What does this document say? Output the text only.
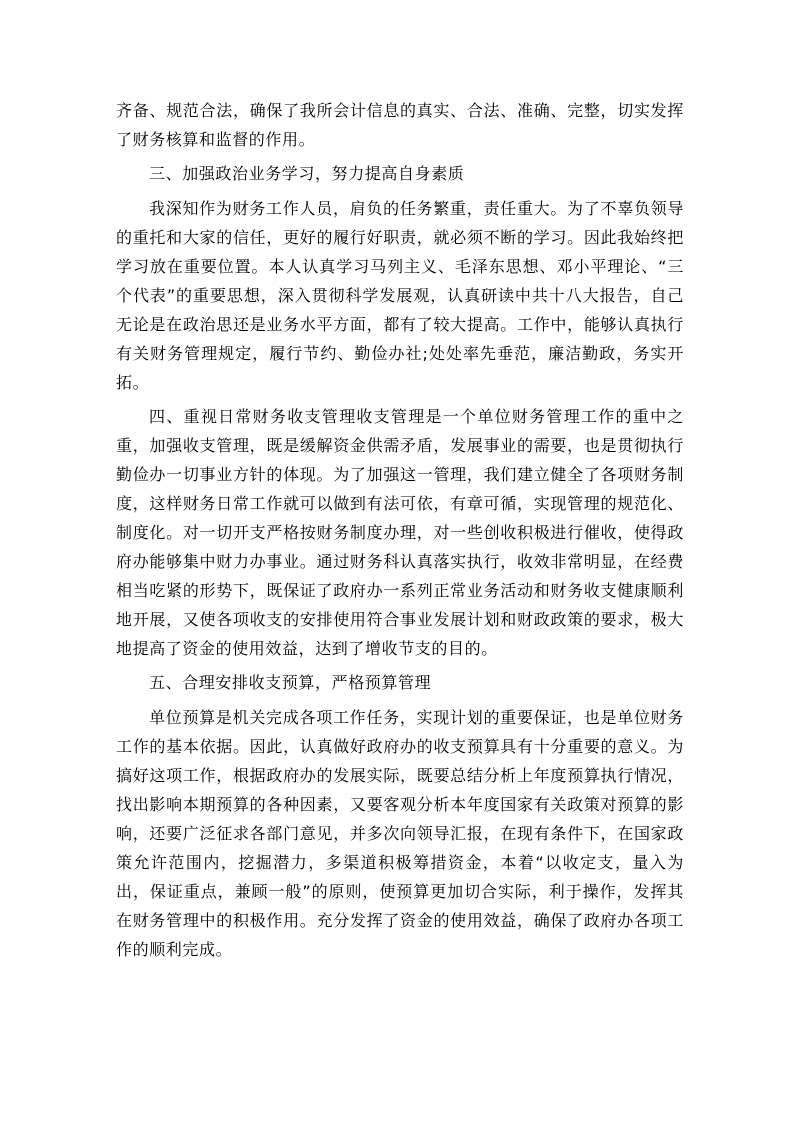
齐备、规范合法，确保了我所会计信息的真实、合法、准确、完整，切实发挥了财务核算和监督的作用。

三、加强政治业务学习，努力提高自身素质

我深知作为财务工作人员，肩负的任务繁重，责任重大。为了不辜负领导的重托和大家的信任，更好的履行好职责，就必须不断的学习。因此我始终把学习放在重要位置。本人认真学习马列主义、毛泽东思想、邓小平理论、“三个代表”的重要思想，深入贯彻科学发展观，认真研读中共十八大报告，自己无论是在政治思还是业务水平方面，都有了较大提高。工作中，能够认真执行有关财务管理规定，履行节约、勤俭办社;处处率先垂范，廉洁勤政，务实开拓。

四、重视日常财务收支管理收支管理是一个单位财务管理工作的重中之重，加强收支管理，既是缓解资金供需矛盾，发展事业的需要，也是贯彻执行勤俭办一切事业方针的体现。为了加强这一管理，我们建立健全了各项财务制度，这样财务日常工作就可以做到有法可依，有章可循，实现管理的规范化、制度化。对一切开支严格按财务制度办理，对一些创收积极进行催收，使得政府办能够集中财力办事业。通过财务科认真落实执行，收效非常明显，在经费相当吃紧的形势下，既保证了政府办一系列正常业务活动和财务收支健康顺利地开展，又使各项收支的安排使用符合事业发展计划和财政政策的要求，极大地提高了资金的使用效益，达到了增收节支的目的。

五、合理安排收支预算，严格预算管理

单位预算是机关完成各项工作任务，实现计划的重要保证，也是单位财务工作的基本依据。因此，认真做好政府办的收支预算具有十分重要的意义。为搞好这项工作，根据政府办的发展实际，既要总结分析上年度预算执行情况，找出影响本期预算的各种因素，又要客观分析本年度国家有关政策对预算的影响，还要广泛征求各部门意见，并多次向领导汇报，在现有条件下，在国家政策允许范围内，挖掘潜力，多渠道积极筹措资金，本着“以收定支，量入为出，保证重点，兼顾一般”的原则，使预算更加切合实际，利于操作，发挥其在财务管理中的积极作用。充分发挥了资金的使用效益，确保了政府办各项工作的顺利完成。
